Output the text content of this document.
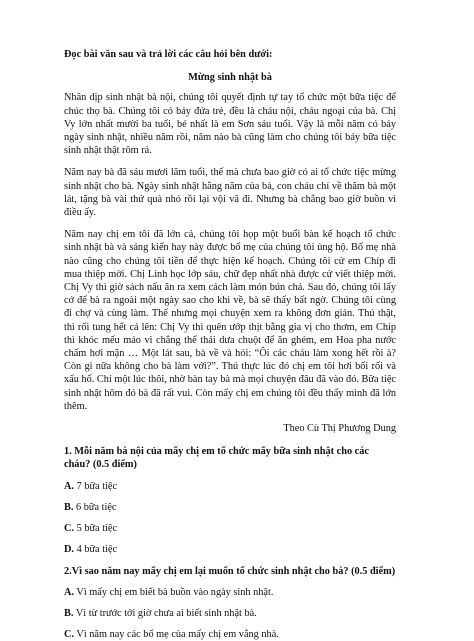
Đọc bài văn sau và trả lời các câu hỏi bên dưới:

Mừng sinh nhật bà

Nhân dịp sinh nhật bà nội, chúng tôi quyết định tự tay tổ chức một bữa tiệc để chúc thọ bà. Chúng tôi có bảy đứa trẻ, đều là cháu nội, cháu ngoại của bà. Chị Vy lớn nhất mười ba tuổi, bé nhất là em Sơn sáu tuổi. Vậy là mỗi năm có bảy ngày sinh nhật, nhiều năm rồi, năm nào bà cũng làm cho chúng tôi bảy bữa tiệc sinh nhật thật rôm rả.

Năm nay bà đã sáu mươi lăm tuổi, thế mà chưa bao giờ có ai tổ chức tiệc mừng sinh nhật cho bà. Ngày sinh nhật hằng năm của bà, con cháu chỉ về thăm bà một lát, tặng bà vài thứ quà nhỏ rồi lại vội vã đi. Nhưng bà chẳng bao giờ buồn vì điều ấy.

Năm nay chị em tôi đã lớn cả, chúng tôi họp một buổi bàn kế hoạch tổ chức sinh nhật bà và sáng kiến hay này được bố mẹ của chúng tôi ủng hộ. Bố mẹ nhà nào cũng cho chúng tôi tiền để thực hiện kế hoạch. Chúng tôi cử em Chíp đi mua thiệp mời. Chị Linh học lớp sáu, chữ đẹp nhất nhà được cử viết thiệp mời. Chị Vy thì giờ sách nấu ăn ra xem cách làm món bún chả. Sau đó, chúng tôi lấy cớ để bà ra ngoài một ngày sao cho khi về, bà sẽ thấy bất ngờ. Chúng tôi cùng đi chợ và cùng làm. Thế nhưng mọi chuyện xem ra không đơn giản. Thú thật, thì rối tung hết cả lên: Chị Vy thì quên ướp thịt bằng gia vị cho thơm, em Chíp thì khóc mếu máo vì chẳng thể thái dưa chuột để ăn ghém, em Hoa pha nước chấm hơi mặn … Một lát sau, bà về và hỏi: “Ôi các cháu làm xong hết rồi à? Còn gì nữa không cho bà làm với?”. Thú thực lúc đó chị em tôi hơi bối rối và xấu hổ. Chỉ một lúc thôi, nhờ bàn tay bà mà mọi chuyện đâu đã vào đó. Bữa tiệc sinh nhật hôm đó bà đã rất vui. Còn mấy chị em chúng tôi đều thấy mình đã lớn thêm.

Theo Cù Thị Phương Dung

1. Mỗi năm bà nội của mấy chị em tổ chức mấy bữa sinh nhật cho các cháu? (0.5 điểm)

A. 7 bữa tiệc

B. 6 bữa tiệc

C. 5 bữa tiệc

D. 4 bữa tiệc

2.Vì sao năm nay mấy chị em lại muốn tổ chức sinh nhật cho bà? (0.5 điểm)

A. Vì mấy chị em biết bà buồn vào ngày sinh nhật.

B. Vì từ trước tới giờ chưa ai biết sinh nhật bà.

C. Vì năm nay các bố mẹ của mấy chị em vắng nhà.
